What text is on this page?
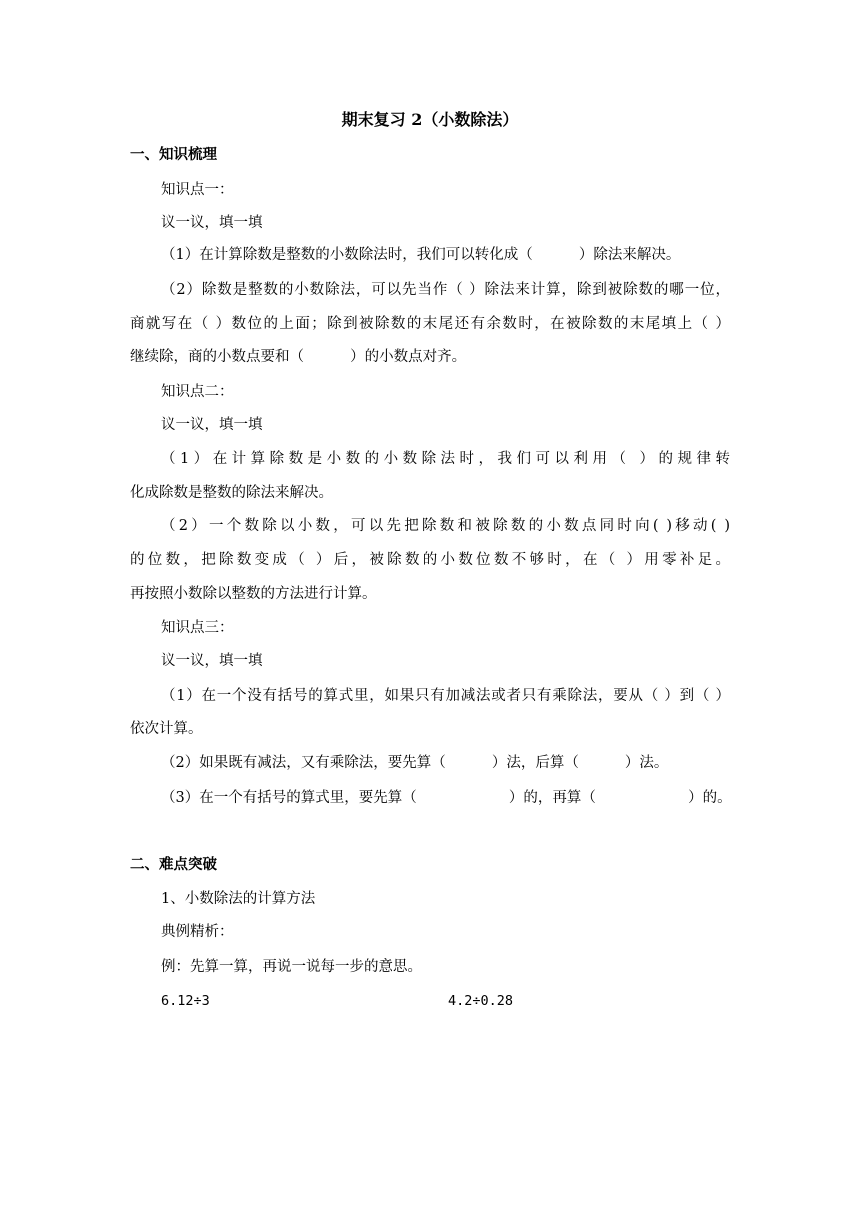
期末复习 2（小数除法）
一、知识梳理
知识点一：
议一议，填一填
（1）在计算除数是整数的小数除法时，我们可以转化成（          ）除法来解决。
（2）除数是整数的小数除法，可以先当作（ ）除法来计算，除到被除数的哪一位，
商就写在（ ）数位的上面；除到被除数的末尾还有余数时，在被除数的末尾填上（ ）
继续除，商的小数点要和（          ）的小数点对齐。
知识点二：
议一议，填一填
（1）在计算除数是小数的小数除法时，我们可以利用（ ）的规律转
化成除数是整数的除法来解决。
（2）一个数除以小数，可以先把除数和被除数的小数点同时向( )移动( )
的位数，把除数变成（ ）后，被除数的小数位数不够时，在（ ）用零补足。
再按照小数除以整数的方法进行计算。
知识点三：
议一议，填一填
（1）在一个没有括号的算式里，如果只有加减法或者只有乘除法，要从（ ）到（ ）
依次计算。
（2）如果既有减法，又有乘除法，要先算（          ）法，后算（          ）法。
（3）在一个有括号的算式里，要先算（                    ）的，再算（                    ）的。
二、难点突破
1、小数除法的计算方法
典例精析：
例：先算一算，再说一说每一步的意思。
6.12÷3	4.2÷0.28
